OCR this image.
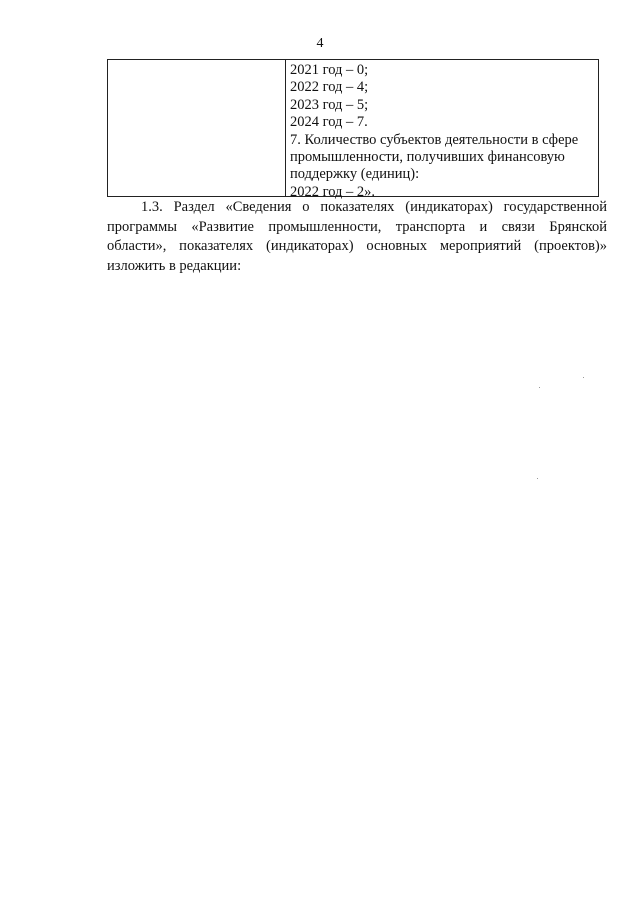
4
2021 год – 0;
2022 год – 4;
2023 год – 5;
2024 год – 7.
7. Количество субъектов деятельности в сфере
промышленности, получивших финансовую
поддержку (единиц):
2022 год – 2».
1.3. Раздел «Сведения о показателях (индикаторах) государственной
программы «Развитие промышленности, транспорта и связи Брянской
области», показателях (индикаторах) основных мероприятий (проектов)»
изложить в редакции:
